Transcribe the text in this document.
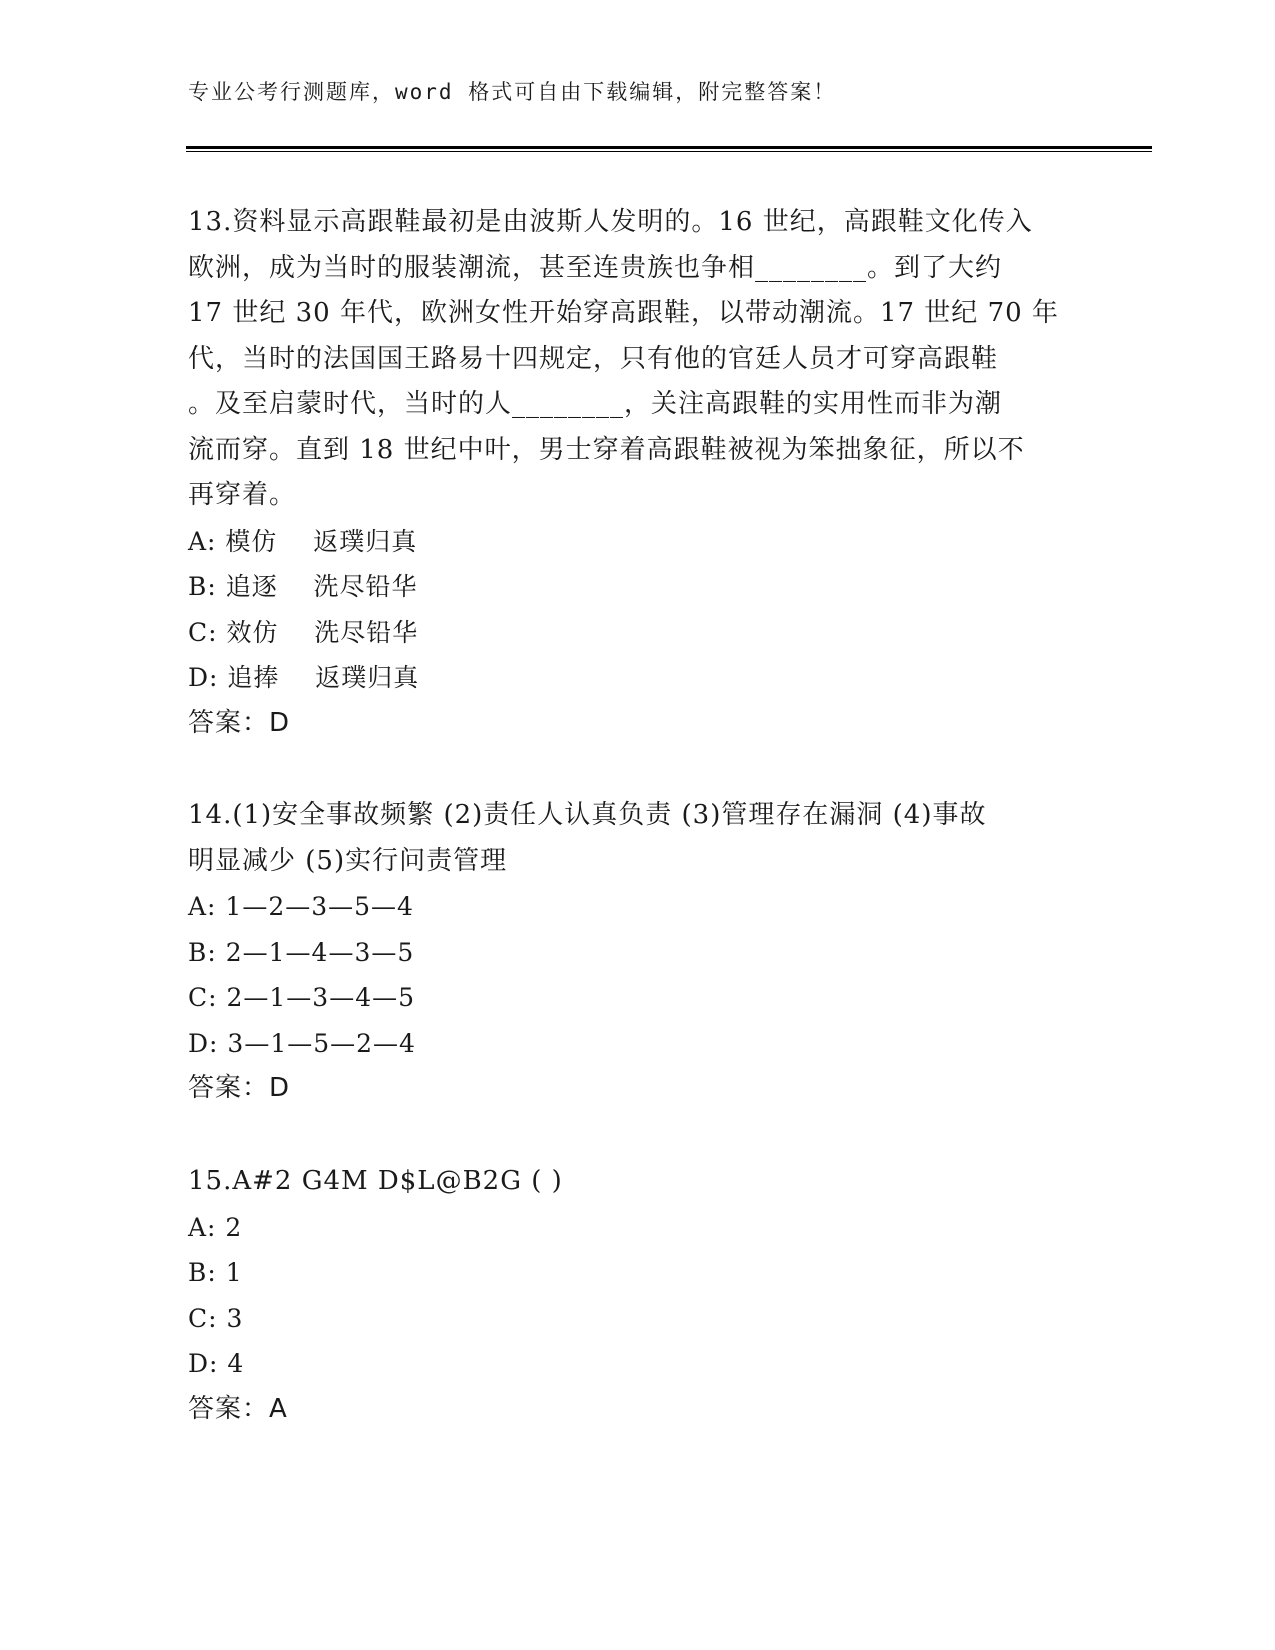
专业公考行测题库，word 格式可自由下载编辑，附完整答案！

13.资料显示高跟鞋最初是由波斯人发明的。16 世纪，高跟鞋文化传入

欧洲，成为当时的服装潮流，甚至连贵族也争相________。到了大约

17 世纪 30 年代，欧洲女性开始穿高跟鞋，以带动潮流。17 世纪 70 年

代，当时的法国国王路易十四规定，只有他的官廷人员才可穿高跟鞋

。及至启蒙时代，当时的人________，关注高跟鞋的实用性而非为潮

流而穿。直到 18 世纪中叶，男士穿着高跟鞋被视为笨拙象征，所以不

再穿着。

A: 模仿    返璞归真

B: 追逐    洗尽铅华

C: 效仿    洗尽铅华

D: 追捧    返璞归真

答案：D

14.(1)安全事故频繁 (2)责任人认真负责 (3)管理存在漏洞 (4)事故

明显减少 (5)实行问责管理

A: 1—2—3—5—4

B: 2—1—4—3—5

C: 2—1—3—4—5

D: 3—1—5—2—4

答案：D

15.A#2 G4M D$L@B2G ( )

A: 2

B: 1

C: 3

D: 4

答案：A
